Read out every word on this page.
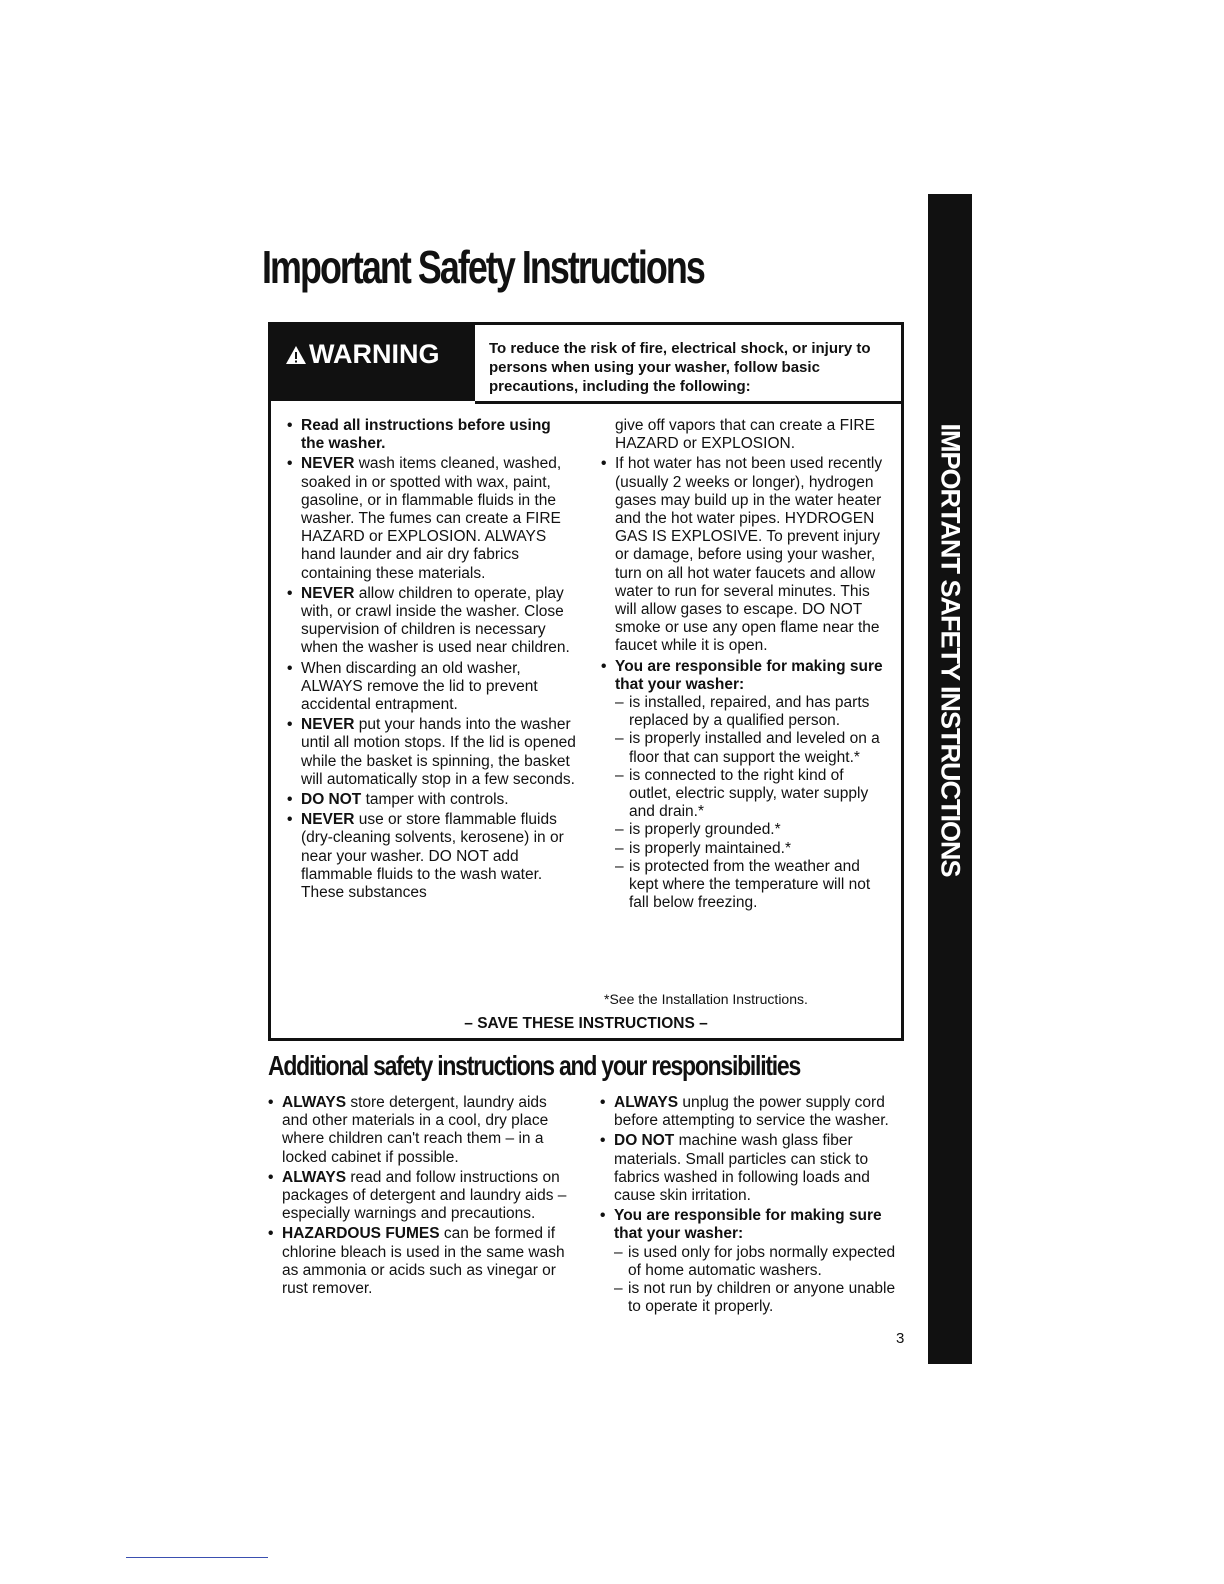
Important Safety Instructions
IMPORTANT SAFETY INSTRUCTIONS
WARNING	To reduce the risk of fire, electrical shock, or injury to persons when using your washer, follow basic precautions, including the following:

• Read all instructions before using the washer.
• NEVER wash items cleaned, washed, soaked in or spotted with wax, paint, gasoline, or in flammable fluids in the washer. The fumes can create a FIRE HAZARD or EXPLOSION. ALWAYS hand launder and air dry fabrics containing these materials.
• NEVER allow children to operate, play with, or crawl inside the washer. Close supervision of children is necessary when the washer is used near children.
• When discarding an old washer, ALWAYS remove the lid to prevent accidental entrapment.
• NEVER put your hands into the washer until all motion stops. If the lid is opened while the basket is spinning, the basket will automatically stop in a few seconds.
• DO NOT tamper with controls.
• NEVER use or store flammable fluids (dry-cleaning solvents, kerosene) in or near your washer. DO NOT add flammable fluids to the wash water. These substances
give off vapors that can create a FIRE HAZARD or EXPLOSION.
• If hot water has not been used recently (usually 2 weeks or longer), hydrogen gases may build up in the water heater and the hot water pipes. HYDROGEN GAS IS EXPLOSIVE. To prevent injury or damage, before using your washer, turn on all hot water faucets and allow water to run for several minutes. This will allow gases to escape. DO NOT smoke or use any open flame near the faucet while it is open.
• You are responsible for making sure that your washer:
– is installed, repaired, and has parts replaced by a qualified person.
– is properly installed and leveled on a floor that can support the weight.*
– is connected to the right kind of outlet, electric supply, water supply and drain.*
– is properly grounded.*
– is properly maintained.*
– is protected from the weather and kept where the temperature will not fall below freezing.

*See the Installation Instructions.

– SAVE THESE INSTRUCTIONS –

Additional safety instructions and your responsibilities
• ALWAYS store detergent, laundry aids and other materials in a cool, dry place where children can't reach them – in a locked cabinet if possible.
• ALWAYS read and follow instructions on packages of detergent and laundry aids – especially warnings and precautions.
• HAZARDOUS FUMES can be formed if chlorine bleach is used in the same wash as ammonia or acids such as vinegar or rust remover.
• ALWAYS unplug the power supply cord before attempting to service the washer.
• DO NOT machine wash glass fiber materials. Small particles can stick to fabrics washed in following loads and cause skin irritation.
• You are responsible for making sure that your washer:
– is used only for jobs normally expected of home automatic washers.
– is not run by children or anyone unable to operate it properly.

3
